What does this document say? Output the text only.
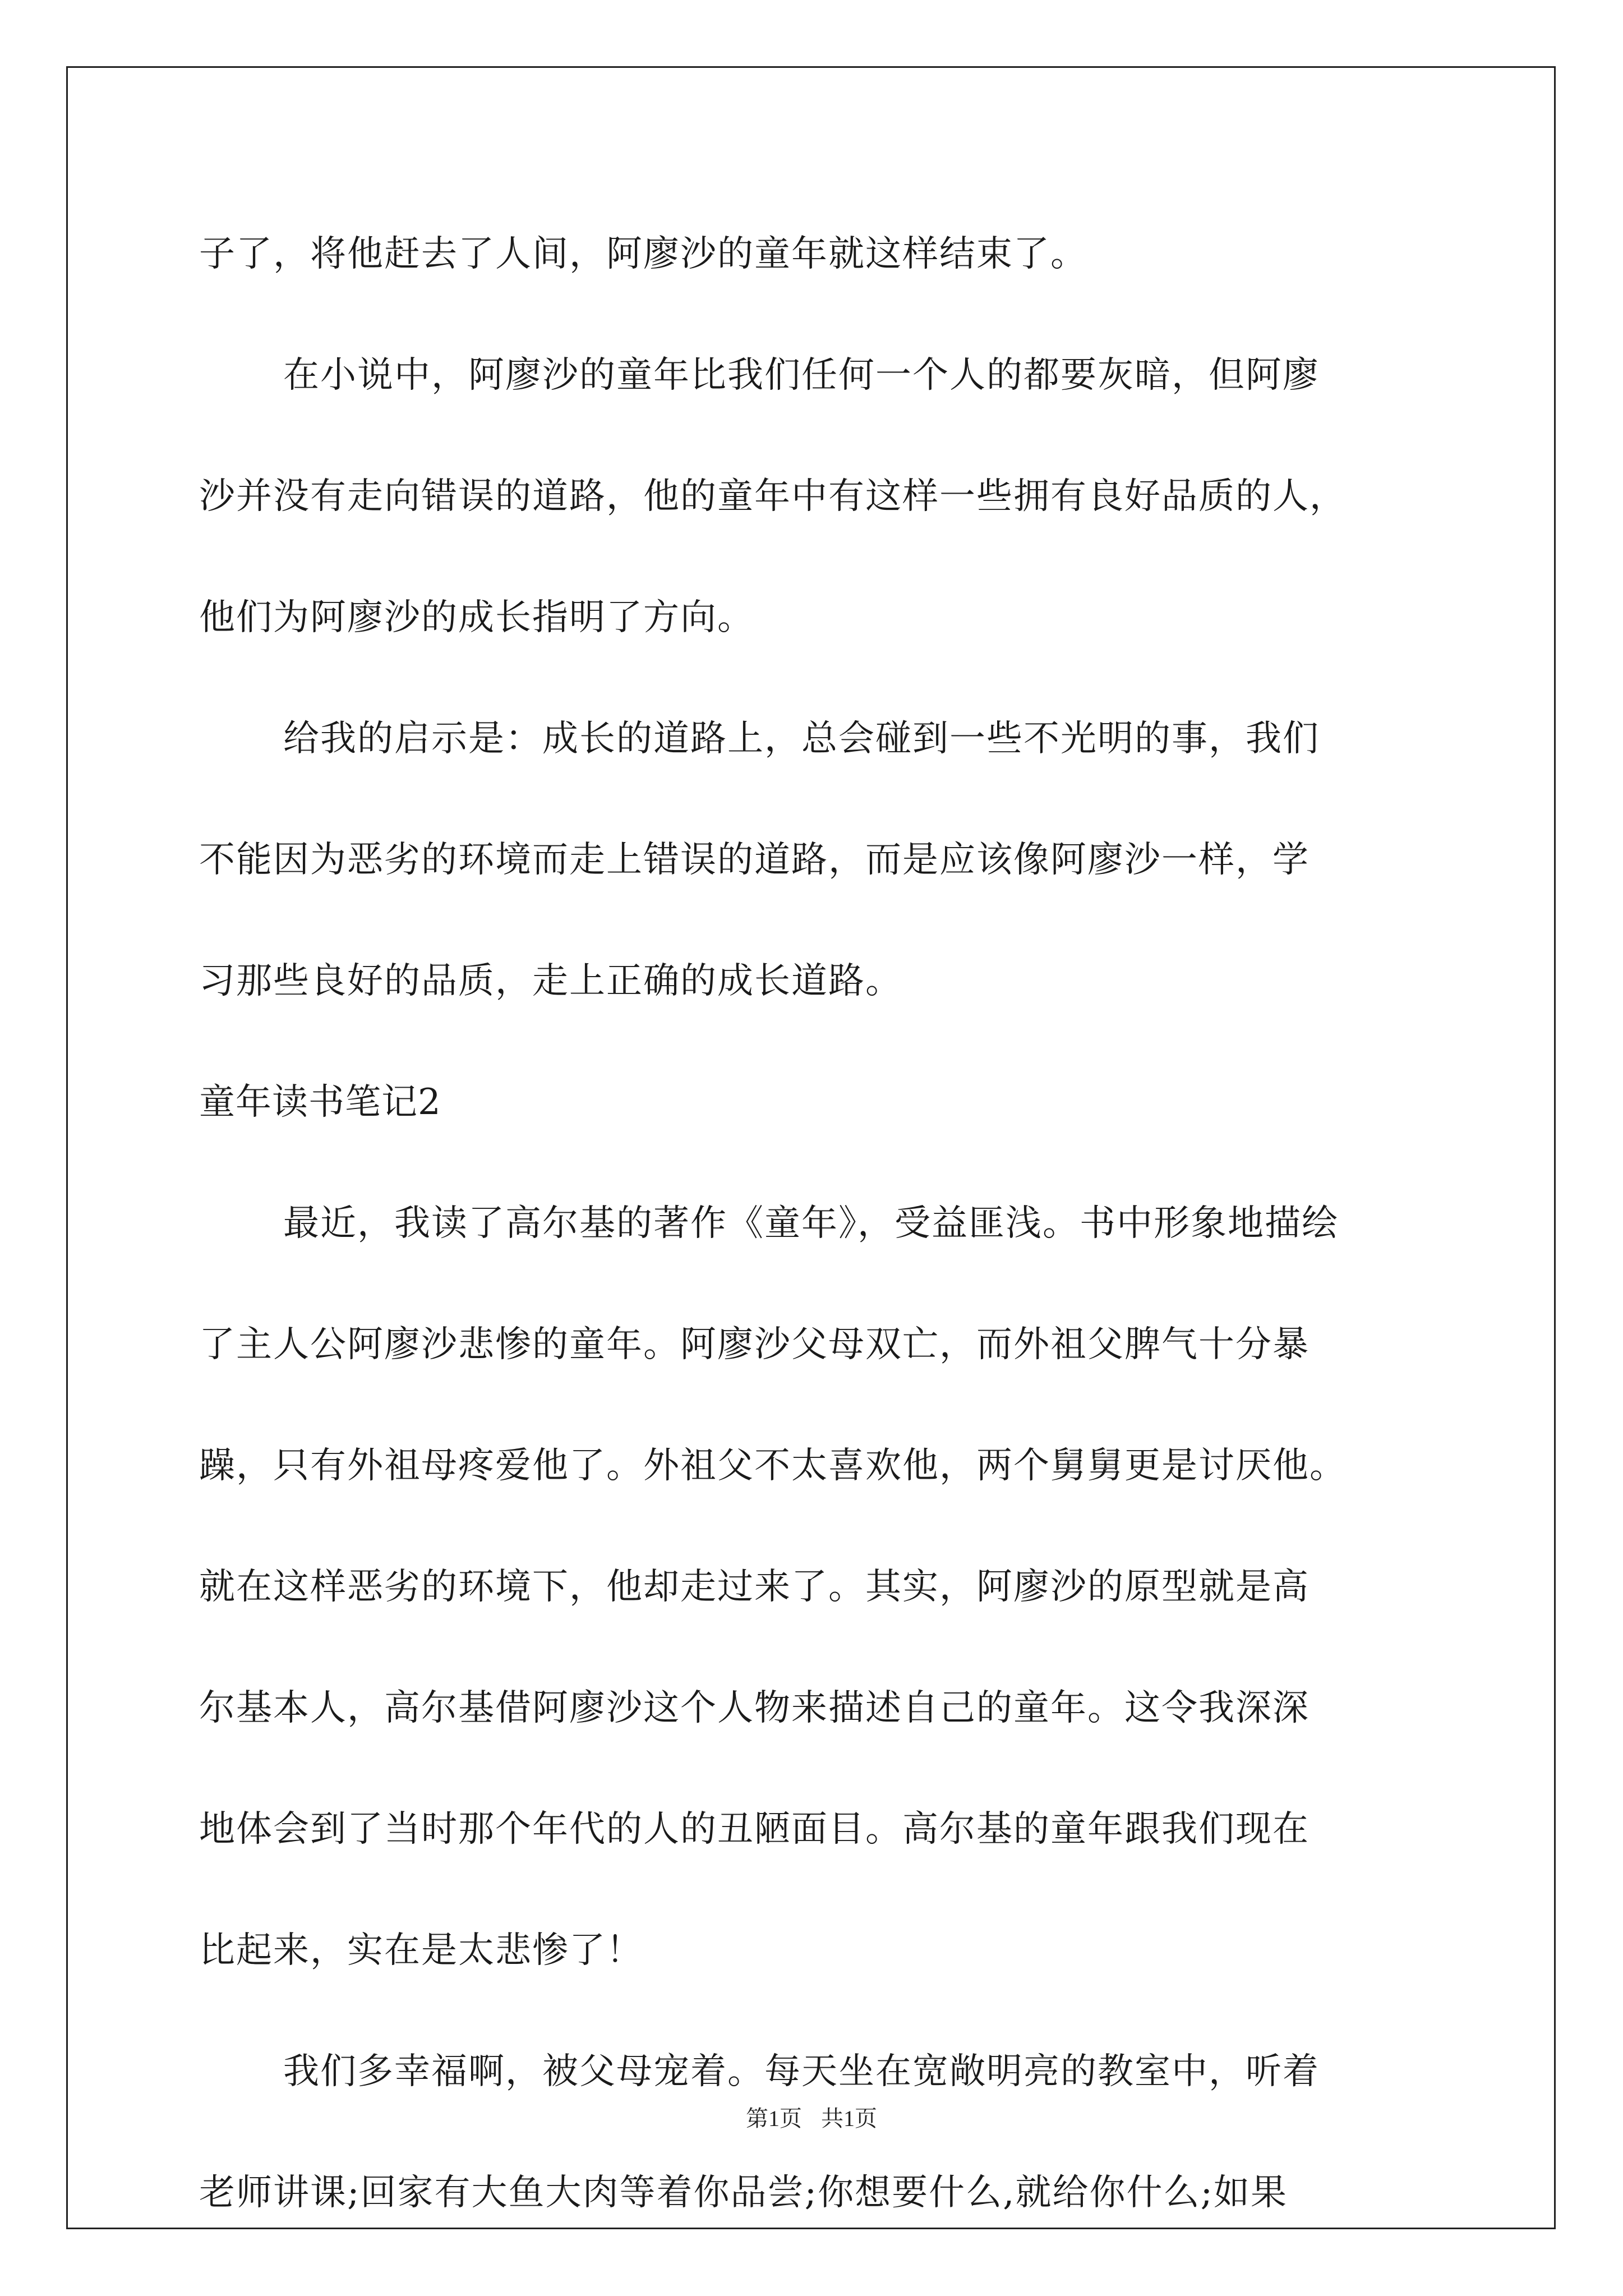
子了，将他赶去了人间，阿廖沙的童年就这样结束了。
在小说中，阿廖沙的童年比我们任何一个人的都要灰暗，但阿廖
沙并没有走向错误的道路，他的童年中有这样一些拥有良好品质的人，
他们为阿廖沙的成长指明了方向。
给我的启示是：成长的道路上，总会碰到一些不光明的事，我们
不能因为恶劣的环境而走上错误的道路，而是应该像阿廖沙一样，学
习那些良好的品质，走上正确的成长道路。
童年读书笔记2
最近，我读了高尔基的著作《童年》，受益匪浅。书中形象地描绘
了主人公阿廖沙悲惨的童年。阿廖沙父母双亡，而外祖父脾气十分暴
躁，只有外祖母疼爱他了。外祖父不太喜欢他，两个舅舅更是讨厌他。
就在这样恶劣的环境下，他却走过来了。其实，阿廖沙的原型就是高
尔基本人，高尔基借阿廖沙这个人物来描述自己的童年。这令我深深
地体会到了当时那个年代的人的丑陋面目。高尔基的童年跟我们现在
比起来，实在是太悲惨了！
我们多幸福啊，被父母宠着。每天坐在宽敞明亮的教室中，听着
老师讲课;回家有大鱼大肉等着你品尝;你想要什么,就给你什么;如果
第1页 共1页
